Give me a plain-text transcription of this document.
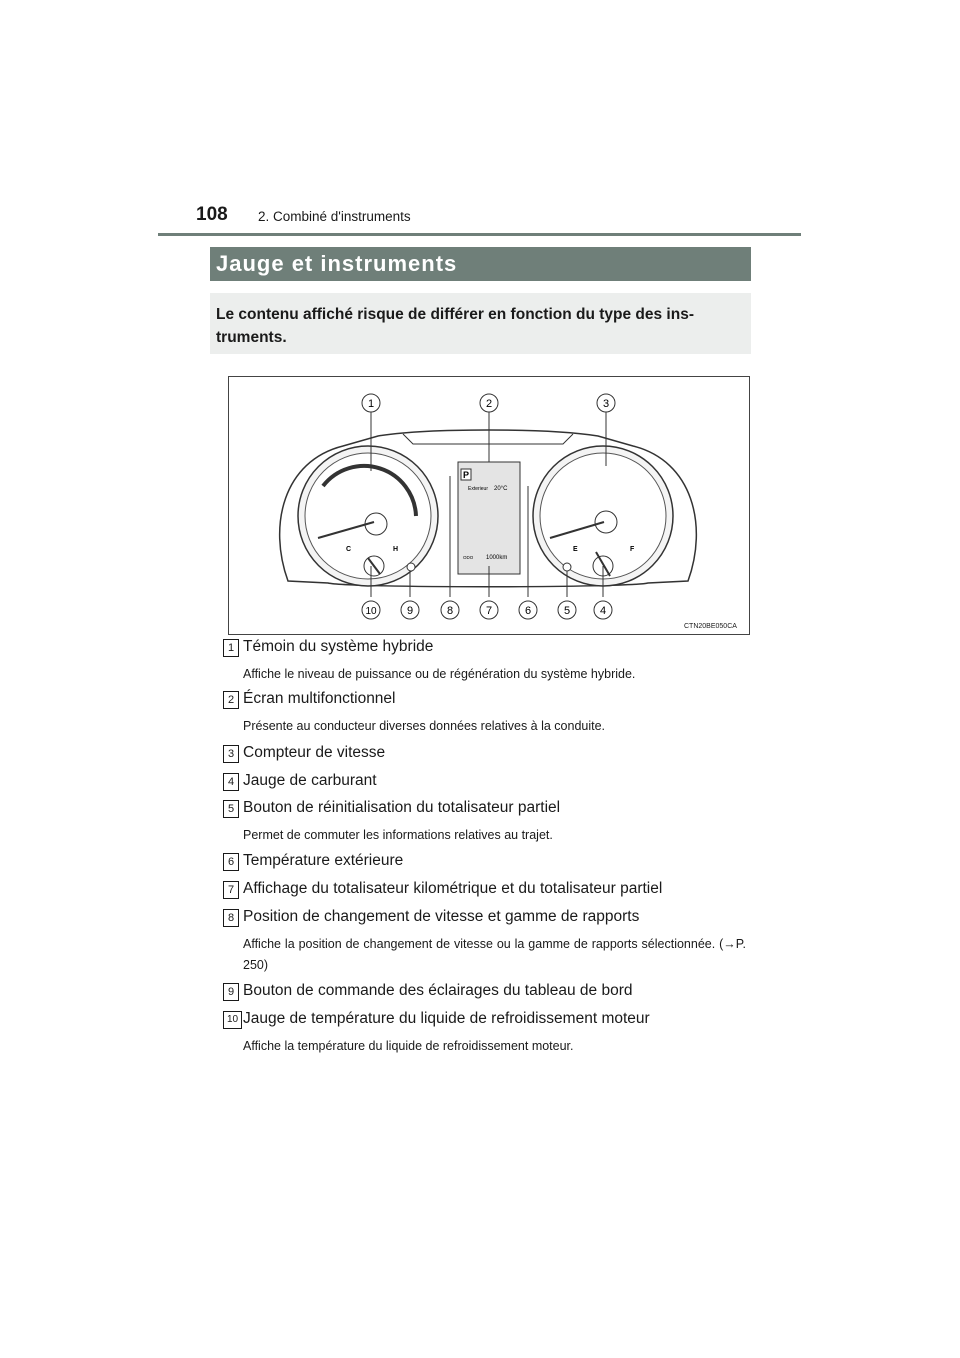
108 2. Combiné d'instruments
Jauge et instruments
Le contenu affiché risque de différer en fonction du type des ins-truments.
C	H
P
Exterieur 20°C
ODO 1000km
E	F
1	2	3
4
5
6
7
8
9
10
CTN20BE050CA
1 Témoin du système hybride
Affiche le niveau de puissance ou de régénération du système hybride.
2 Écran multifonctionnel
Présente au conducteur diverses données relatives à la conduite.
3 Compteur de vitesse
4 Jauge de carburant
5 Bouton de réinitialisation du totalisateur partiel
Permet de commuter les informations relatives au trajet.
6 Température extérieure
7 Affichage du totalisateur kilométrique et du totalisateur partiel
8 Position de changement de vitesse et gamme de rapports
Affiche la position de changement de vitesse ou la gamme de rapports sélectionnée. (→P. 250)
9 Bouton de commande des éclairages du tableau de bord
10 Jauge de température du liquide de refroidissement moteur
Affiche la température du liquide de refroidissement moteur.
